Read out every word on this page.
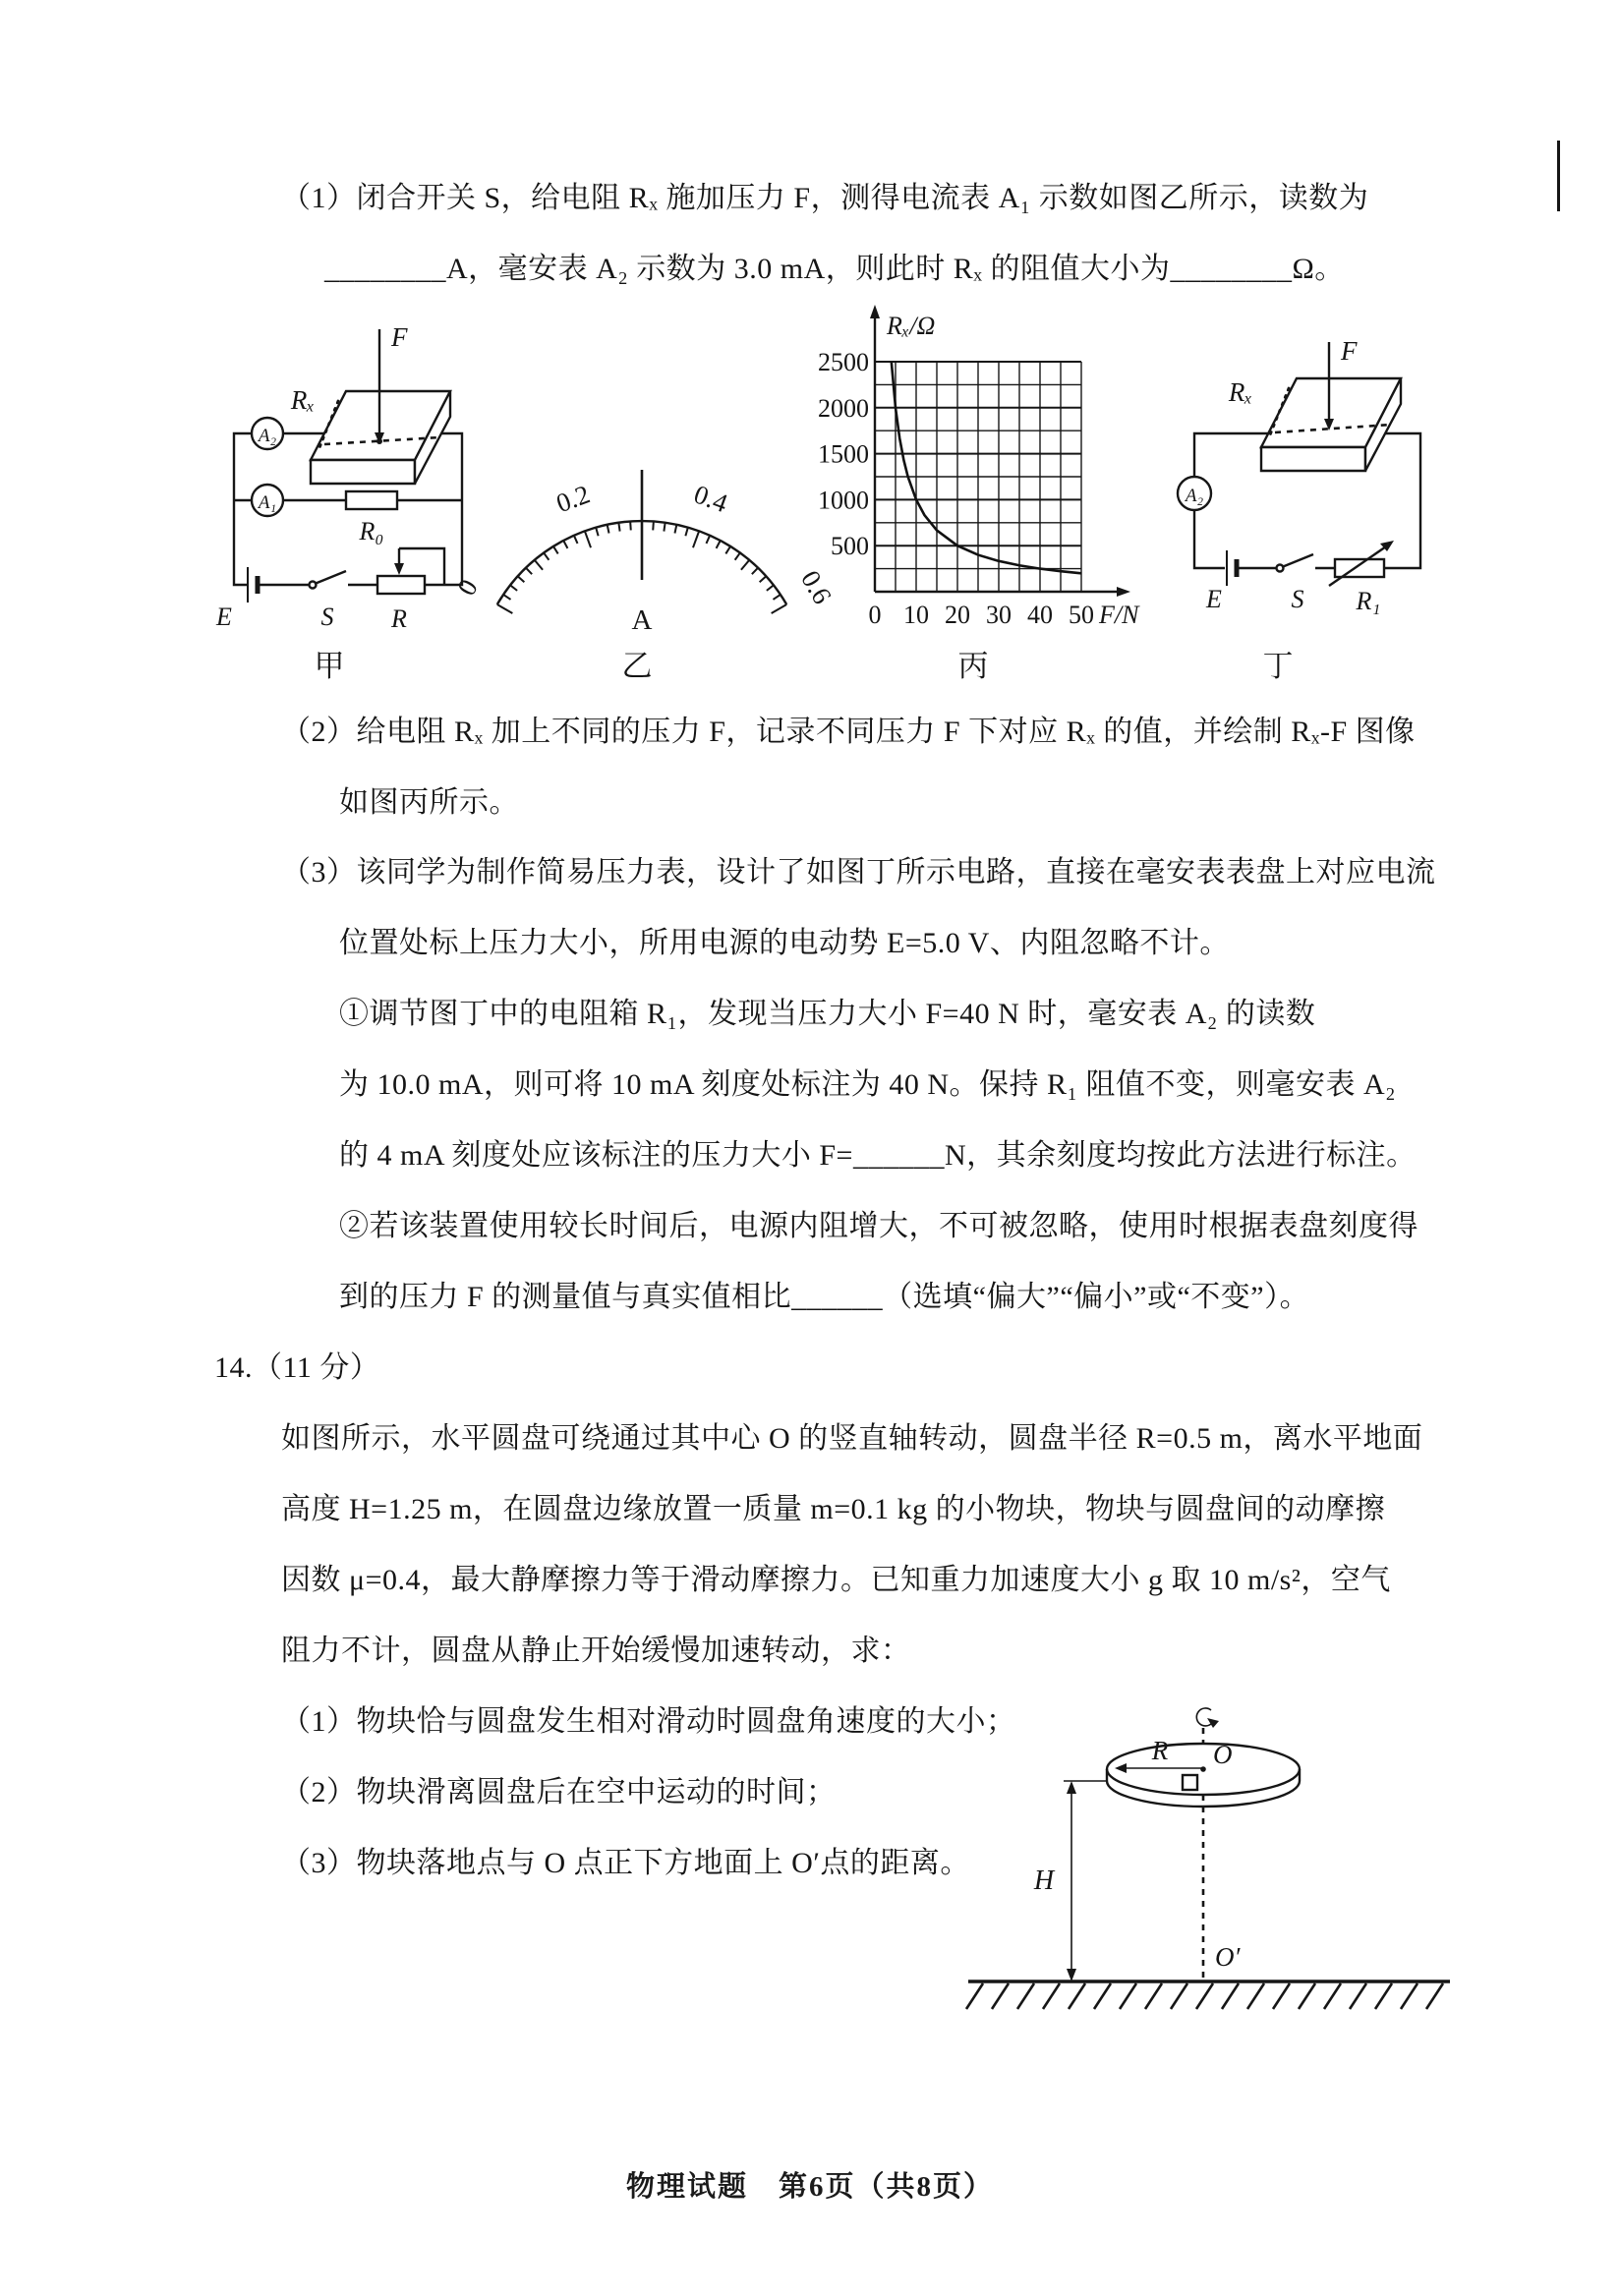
（1）闭合开关 S，给电阻 Rₓ 施加压力 F，测得电流表 A₁ 示数如图乙所示，读数为
________A，毫安表 A₂ 示数为 3.0 mA，则此时 Rₓ 的阻值大小为________Ω。
（2）给电阻 Rₓ 加上不同的压力 F，记录不同压力 F 下对应 Rₓ 的值，并绘制 Rₓ-F 图像
如图丙所示。
（3）该同学为制作简易压力表，设计了如图丁所示电路，直接在毫安表表盘上对应电流
位置处标上压力大小，所用电源的电动势 E=5.0 V、内阻忽略不计。
①调节图丁中的电阻箱 R₁，发现当压力大小 F=40 N 时，毫安表 A₂ 的读数
为 10.0 mA，则可将 10 mA 刻度处标注为 40 N。保持 R₁ 阻值不变，则毫安表 A₂
的 4 mA 刻度处应该标注的压力大小 F=______N，其余刻度均按此方法进行标注。
②若该装置使用较长时间后，电源内阻增大，不可被忽略，使用时根据表盘刻度得
到的压力 F 的测量值与真实值相比______（选填“偏大”“偏小”或“不变”）。
14.（11 分）
如图所示，水平圆盘可绕通过其中心 O 的竖直轴转动，圆盘半径 R=0.5 m，离水平地面
高度 H=1.25 m，在圆盘边缘放置一质量 m=0.1 kg 的小物块，物块与圆盘间的动摩擦
因数 μ=0.4，最大静摩擦力等于滑动摩擦力。已知重力加速度大小 g 取 10 m/s²，空气
阻力不计，圆盘从静止开始缓慢加速转动，求：
（1）物块恰与圆盘发生相对滑动时圆盘角速度的大小；
（2）物块滑离圆盘后在空中运动的时间；
（3）物块落地点与 O 点正下方地面上 O′点的距离。
甲	乙	丙	丁
A₂
A₁
F
Rₓ
R₀
E	S R
0
0.2	0.4
0.6
A
Rₓ/Ω
F/N
2500
2000
1500
1000
500
0 10 20 30 40 50
A₂
F
Rₓ
E	S R₁
R O
O′
H
物理试题　第6页（共8页）
